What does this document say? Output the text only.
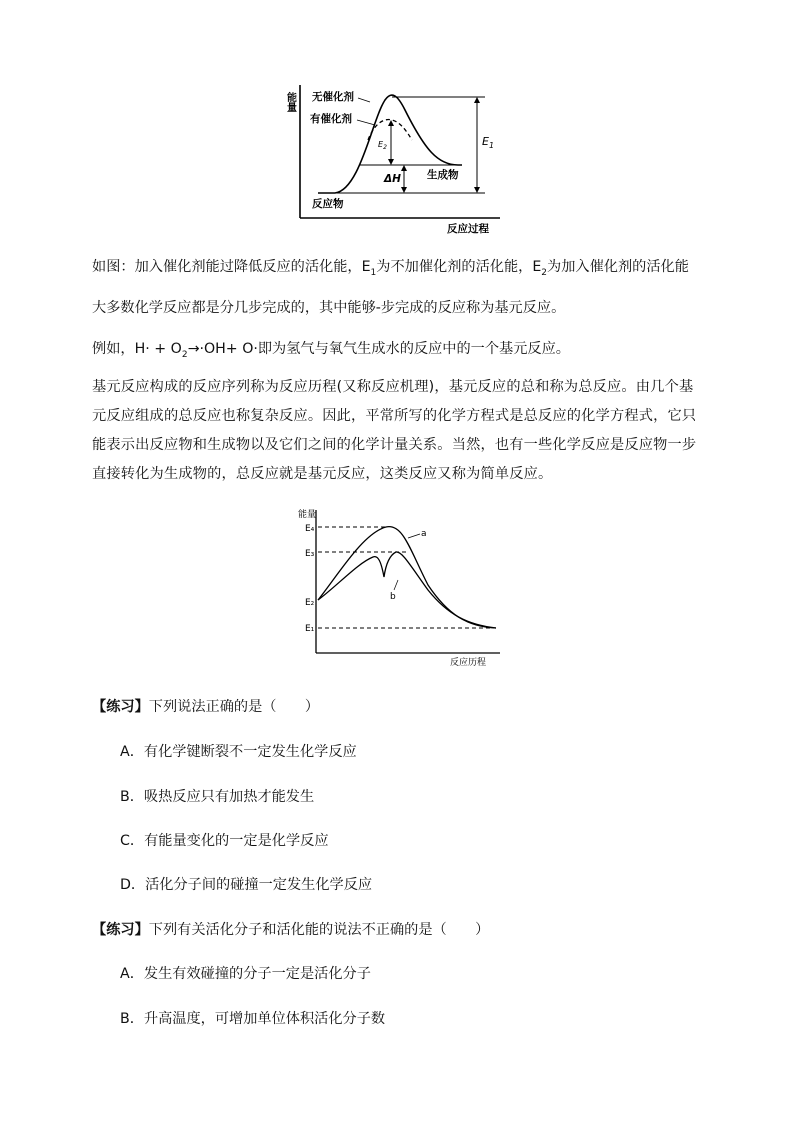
能量 无催化剂
有催化剂
$E_2$	$E_1$
ΔH 生成物
反应物
反应过程
如图：加入催化剂能过降低反应的活化能，$E_1$为不加催化剂的活化能，$E_2$为加入催化剂的活化能
大多数化学反应都是分几步完成的，其中能够-步完成的反应称为基元反应。
例如，$H\cdot + O_2\to\cdot OH+ O\cdot$即为氢气与氧气生成水的反应中的一个基元反应。
基元反应构成的反应序列称为反应历程(又称反应机理)，基元反应的总和称为总反应。由几个基元反应组成的总反应也称复杂反应。因此，平常所写的化学方程式是总反应的化学方程式，它只能表示出反应物和生成物以及它们之间的化学计量关系。当然，也有一些化学反应是反应物一步直接转化为生成物的，总反应就是基元反应，这类反应又称为简单反应。
能量
E₄
E₃
E₂
E₁
a
b
反应历程
【练习】下列说法正确的是（　　）
A．有化学键断裂不一定发生化学反应
B．吸热反应只有加热才能发生
C．有能量变化的一定是化学反应
D．活化分子间的碰撞一定发生化学反应
【练习】下列有关活化分子和活化能的说法不正确的是（　　）
A．发生有效碰撞的分子一定是活化分子
B．升高温度，可增加单位体积活化分子数
